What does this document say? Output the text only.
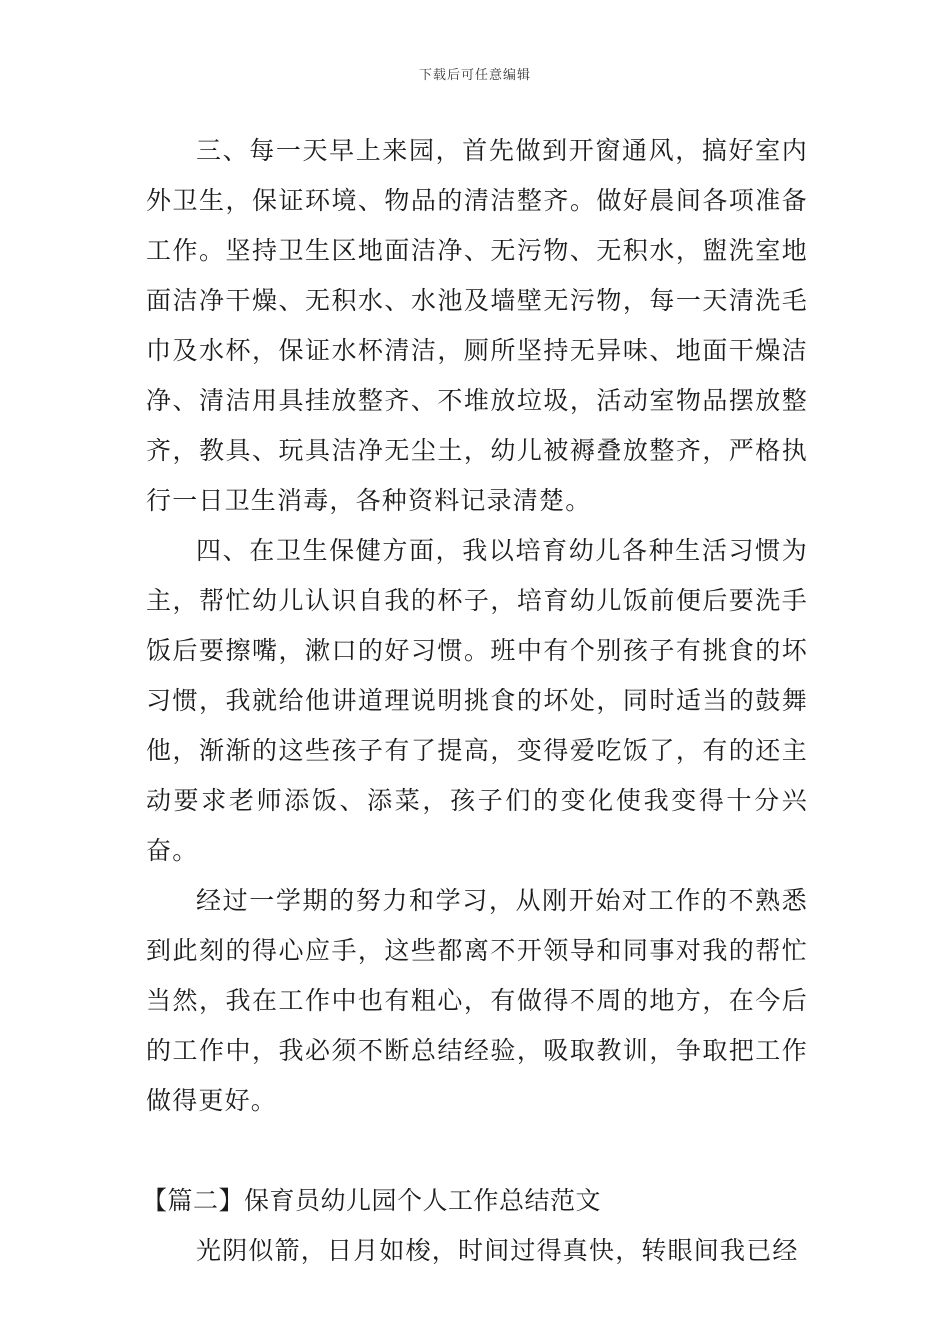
下载后可任意编辑

三、每一天早上来园，首先做到开窗通风，搞好室内外卫生，保证环境、物品的清洁整齐。做好晨间各项准备工作。坚持卫生区地面洁净、无污物、无积水，盥洗室地面洁净干燥、无积水、水池及墙壁无污物，每一天清洗毛巾及水杯，保证水杯清洁，厕所坚持无异味、地面干燥洁净、清洁用具挂放整齐、不堆放垃圾，活动室物品摆放整齐，教具、玩具洁净无尘土，幼儿被褥叠放整齐，严格执行一日卫生消毒，各种资料记录清楚。

四、在卫生保健方面，我以培育幼儿各种生活习惯为主，帮忙幼儿认识自我的杯子，培育幼儿饭前便后要洗手饭后要擦嘴，漱口的好习惯。班中有个别孩子有挑食的坏习惯，我就给他讲道理说明挑食的坏处，同时适当的鼓舞他，渐渐的这些孩子有了提高，变得爱吃饭了，有的还主动要求老师添饭、添菜，孩子们的变化使我变得十分兴奋。

经过一学期的努力和学习，从刚开始对工作的不熟悉到此刻的得心应手，这些都离不开领导和同事对我的帮忙当然，我在工作中也有粗心，有做得不周的地方，在今后的工作中，我必须不断总结经验，吸取教训，争取把工作做得更好。

【篇二】保育员幼儿园个人工作总结范文

光阴似箭，日月如梭，时间过得真快，转眼间我已经
